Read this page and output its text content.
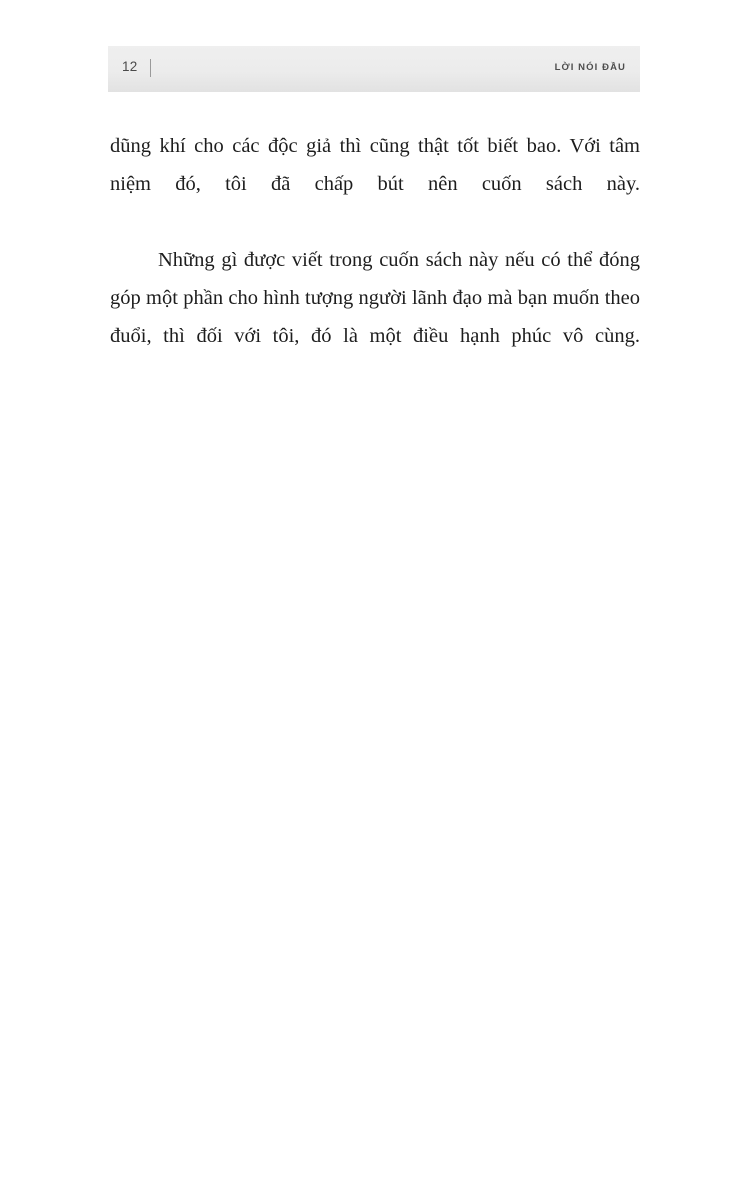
12	LỜI NÓI ĐẦU

dũng khí cho các độc giả thì cũng thật tốt biết bao. Với tâm niệm đó, tôi đã chấp bút nên cuốn sách này.

Những gì được viết trong cuốn sách này nếu có thể đóng góp một phần cho hình tượng người lãnh đạo mà bạn muốn theo đuổi, thì đối với tôi, đó là một điều hạnh phúc vô cùng.
